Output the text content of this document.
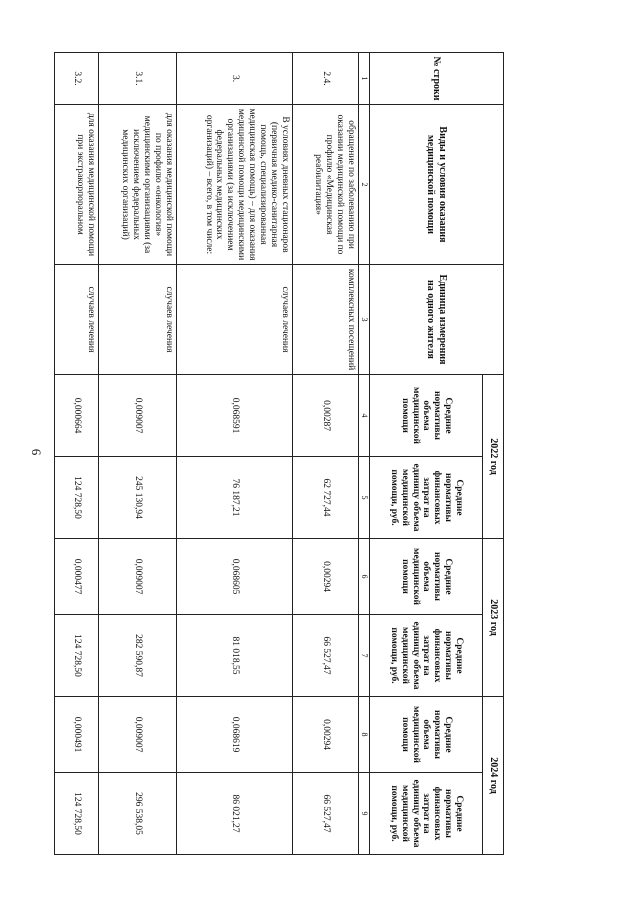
6
№ строки	Виды и условия оказания медицинской помощи	Единица измерения на одного жителя	2022 год		2023 год		2024 год	
			Средние нормативы объема медицинской помощи	Средние нормативы финансовых затрат на единицу объема медицинской помощи, руб.	Средние нормативы объема медицинской помощи	Средние нормативы финансовых затрат на единицу объема медицинской помощи, руб.	Средние нормативы объема медицинской помощи	Средние нормативы финансовых затрат на единицу объема медицинской помощи, руб.
1	2	3	4	5	6	7	8	9
2.4.	обращение по заболеванию при оказании медицинской помощи по профилю «Медицинская реабилитация»	комплексных посещений	0,00287	62 727,44	0,00294	66 527,47	0,00294	66 527,47
3.	В условиях дневных стационаров (первичная медико-санитарная помощь, специализированная медицинская помощь) – для оказания медицинской помощи медицинскими организациями (за исключением федеральных медицинских организаций) – всего, в том числе:	случаев лечения	0,068591	76 187,21	0,068605	81 018,55	0,068619	86 021,27
3.1.	для оказания медицинской помощи по профилю «онкология» медицинскими организациями (за исключением федеральных медицинских организаций)	случаев лечения	0,009007	245 130,94	0,009007	282 590,87	0,009007	296 538,05
3.2.	для оказания медицинской помощи при экстракорпоральном	случаев лечения	0,000664	124 728,50	0,000477	124 728,50	0,000491	124 728,50
